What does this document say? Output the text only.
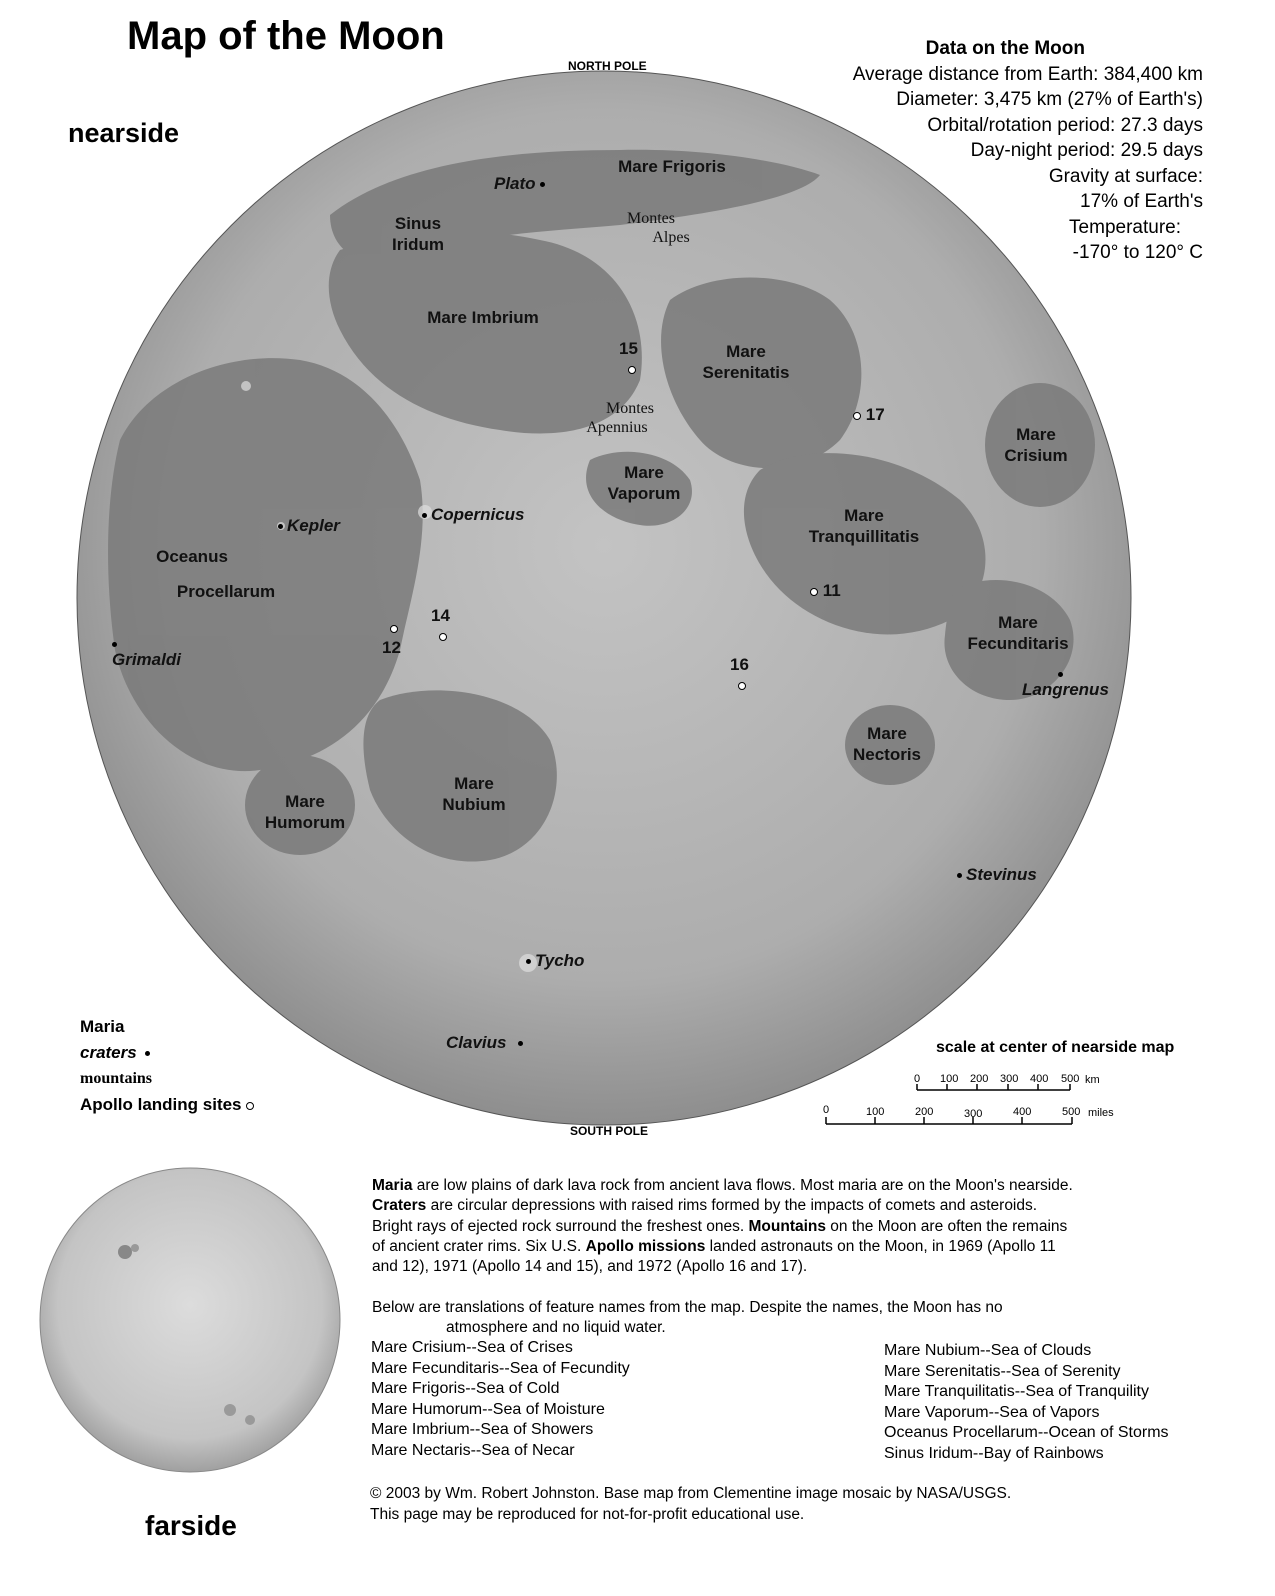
Map of the Moon
nearside
farside
NORTH POLE
SOUTH POLE
Data on the Moon
Average distance from Earth: 384,400 km
Diameter: 3,475 km (27% of Earth's)
Orbital/rotation period: 27.3 days
Day-night period: 29.5 days
Gravity at surface:
17% of Earth's
Temperature:
-170° to 120° C
Mare Frigoris
Sinus
Iridum
Mare Imbrium
Mare
Serenitatis
Mare
Crisium
Mare
Vaporum
Mare
Tranquillitatis
Oceanus
Procellarum
Mare
Fecunditaris
Mare
Nectoris
Mare
Nubium
Mare
Humorum
Montes
Alpes
Montes
Apennius
Plato
Kepler
Copernicus
Grimaldi
Langrenus
Stevinus
Tycho
Clavius
15

17
11
14

12
16

Maria
craters
mountains
Apollo landing sites
scale at center of nearside map
0 100 200 300 400 500 km
0	100	200	300	400	500 miles
Maria are low plains of dark lava rock from ancient lava flows. Most maria are on the Moon's nearside.
Craters are circular depressions with raised rims formed by the impacts of comets and asteroids.
Bright rays of ejected rock surround the freshest ones. Mountains on the Moon are often the remains
of ancient crater rims. Six U.S. Apollo missions landed astronauts on the Moon, in 1969 (Apollo 11
and 12), 1971 (Apollo 14 and 15), and 1972 (Apollo 16 and 17).
Below are translations of feature names from the map. Despite the names, the Moon has no
atmosphere and no liquid water.
Mare Crisium--Sea of Crises
Mare Fecunditaris--Sea of Fecundity
Mare Frigoris--Sea of Cold
Mare Humorum--Sea of Moisture
Mare Imbrium--Sea of Showers
Mare Nectaris--Sea of Necar
Mare Nubium--Sea of Clouds
Mare Serenitatis--Sea of Serenity
Mare Tranquilitatis--Sea of Tranquility
Mare Vaporum--Sea of Vapors
Oceanus Procellarum--Ocean of Storms
Sinus Iridum--Bay of Rainbows
© 2003 by Wm. Robert Johnston. Base map from Clementine image mosaic by NASA/USGS.
This page may be reproduced for not-for-profit educational use.
